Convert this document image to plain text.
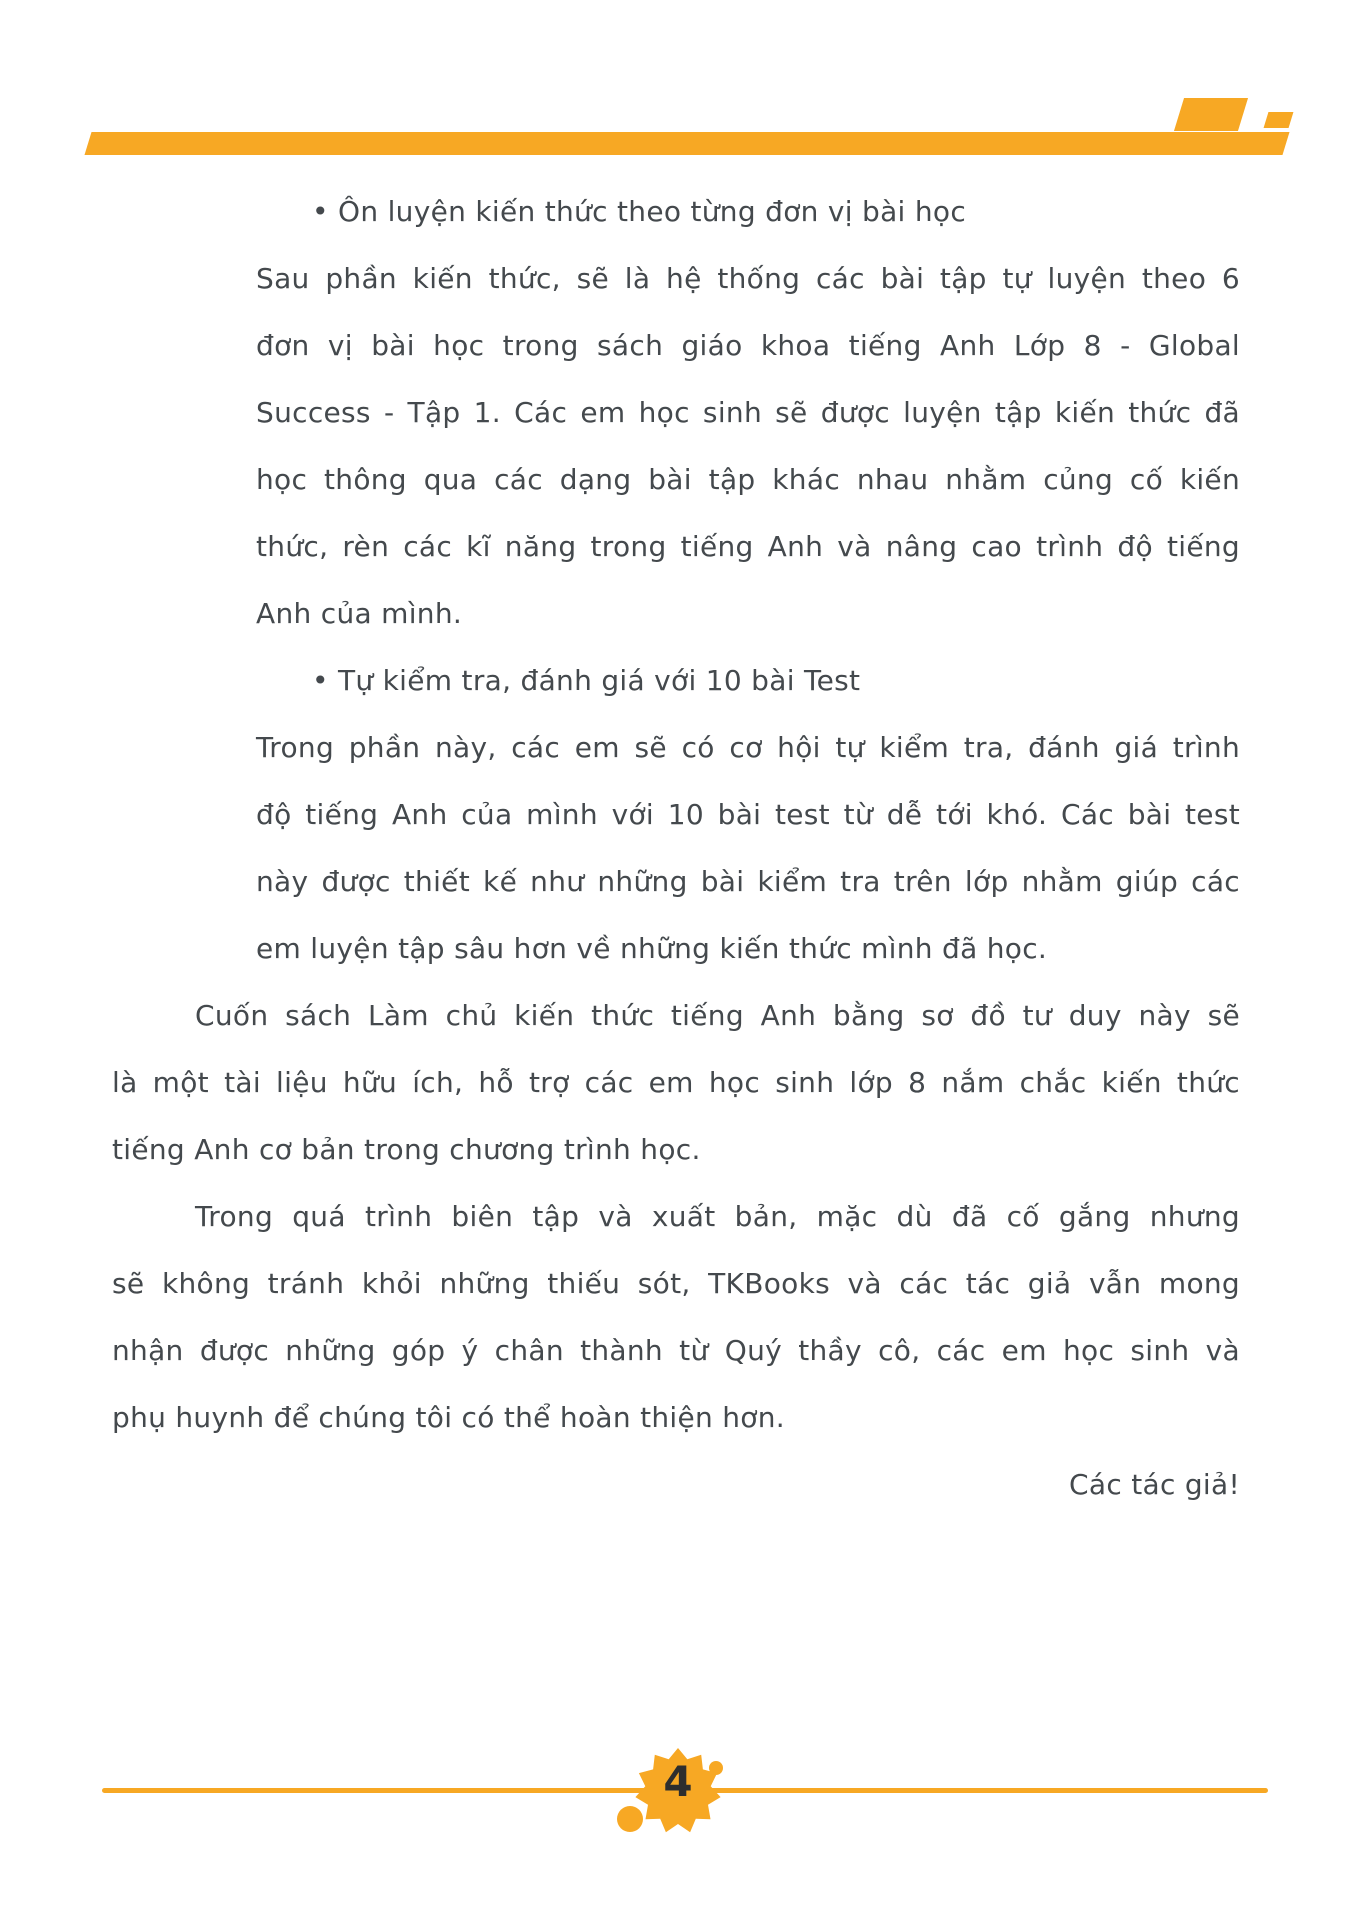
• Ôn luyện kiến thức theo từng đơn vị bài học
Sau phần kiến thức, sẽ là hệ thống các bài tập tự luyện theo 6
đơn vị bài học trong sách giáo khoa tiếng Anh Lớp 8 - Global
Success - Tập 1. Các em học sinh sẽ được luyện tập kiến thức đã
học thông qua các dạng bài tập khác nhau nhằm củng cố kiến
thức, rèn các kĩ năng trong tiếng Anh và nâng cao trình độ tiếng
Anh của mình.
• Tự kiểm tra, đánh giá với 10 bài Test
Trong phần này, các em sẽ có cơ hội tự kiểm tra, đánh giá trình
độ tiếng Anh của mình với 10 bài test từ dễ tới khó. Các bài test
này được thiết kế như những bài kiểm tra trên lớp nhằm giúp các
em luyện tập sâu hơn về những kiến thức mình đã học.
Cuốn sách Làm chủ kiến thức tiếng Anh bằng sơ đồ tư duy này sẽ
là một tài liệu hữu ích, hỗ trợ các em học sinh lớp 8 nắm chắc kiến thức
tiếng Anh cơ bản trong chương trình học.
Trong quá trình biên tập và xuất bản, mặc dù đã cố gắng nhưng
sẽ không tránh khỏi những thiếu sót, TKBooks và các tác giả vẫn mong
nhận được những góp ý chân thành từ Quý thầy cô, các em học sinh và
phụ huynh để chúng tôi có thể hoàn thiện hơn.
Các tác giả!
4
